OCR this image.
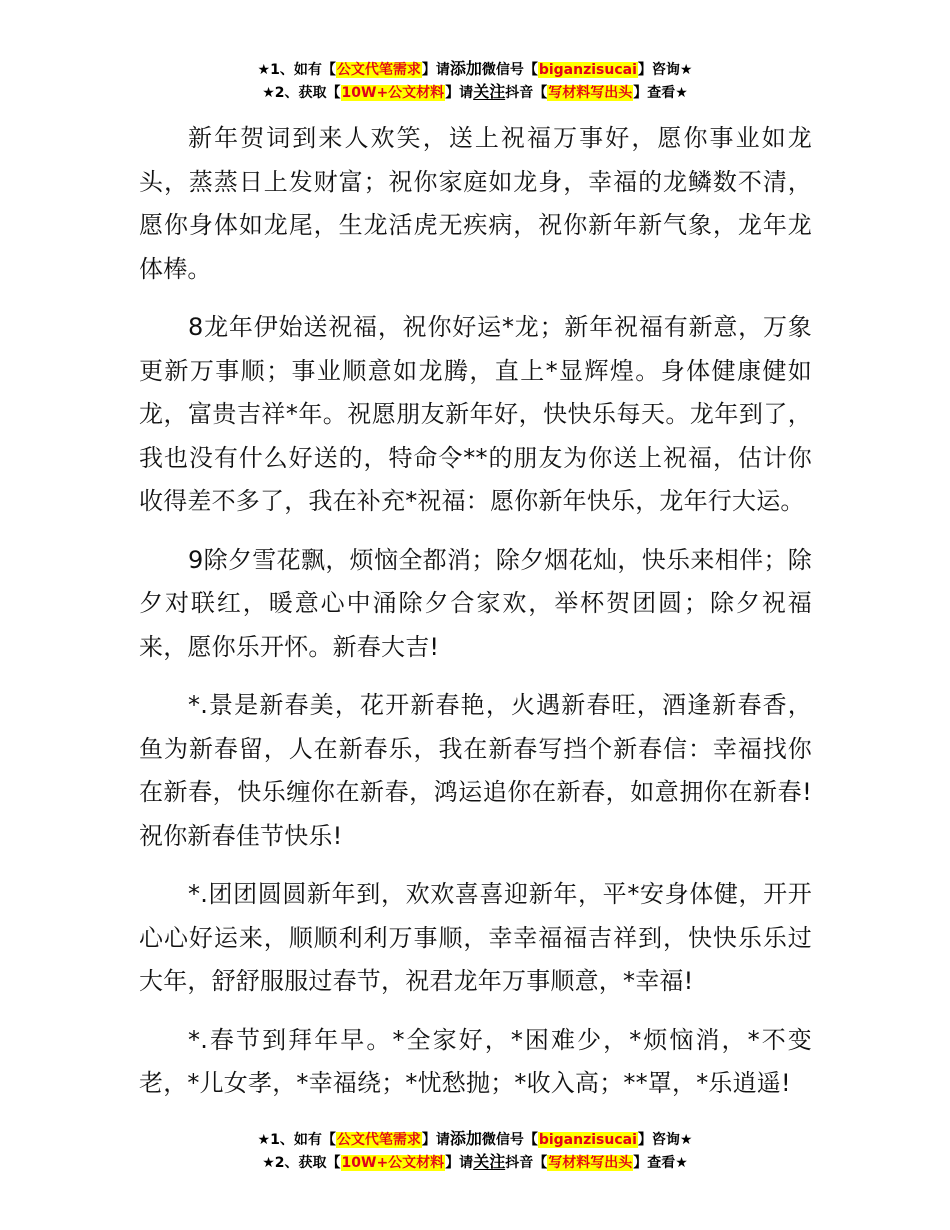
★1、如有【公文代笔需求】请添加微信号【biganzisucai】咨询★
★2、获取【10W+公文材料】请关注抖音【写材料写出头】查看★

新年贺词到来人欢笑，送上祝福万事好，愿你事业如龙头，蒸蒸日上发财富；祝你家庭如龙身，幸福的龙鳞数不清，愿你身体如龙尾，生龙活虎无疾病，祝你新年新气象，龙年龙体棒。

8龙年伊始送祝福，祝你好运*龙；新年祝福有新意，万象更新万事顺；事业顺意如龙腾，直上*显辉煌。身体健康健如龙，富贵吉祥*年。祝愿朋友新年好，快快乐每天。龙年到了，我也没有什么好送的，特命令**的朋友为你送上祝福，估计你收得差不多了，我在补充*祝福：愿你新年快乐，龙年行大运。

9除夕雪花飘，烦恼全都消；除夕烟花灿，快乐来相伴；除夕对联红，暖意心中涌除夕合家欢，举杯贺团圆；除夕祝福来，愿你乐开怀。新春大吉!

*.景是新春美，花开新春艳，火遇新春旺，酒逢新春香，鱼为新春留，人在新春乐，我在新春写挡个新春信：幸福找你在新春，快乐缠你在新春，鸿运追你在新春，如意拥你在新春!祝你新春佳节快乐!

*.团团圆圆新年到，欢欢喜喜迎新年，平*安身体健，开开心心好运来，顺顺利利万事顺，幸幸福福吉祥到，快快乐乐过大年，舒舒服服过春节，祝君龙年万事顺意，*幸福!

*.春节到拜年早。*全家好，*困难少，*烦恼消，*不变老，*儿女孝，*幸福绕；*忧愁抛；*收入高；**罩，*乐逍遥!

★1、如有【公文代笔需求】请添加微信号【biganzisucai】咨询★
★2、获取【10W+公文材料】请关注抖音【写材料写出头】查看★
